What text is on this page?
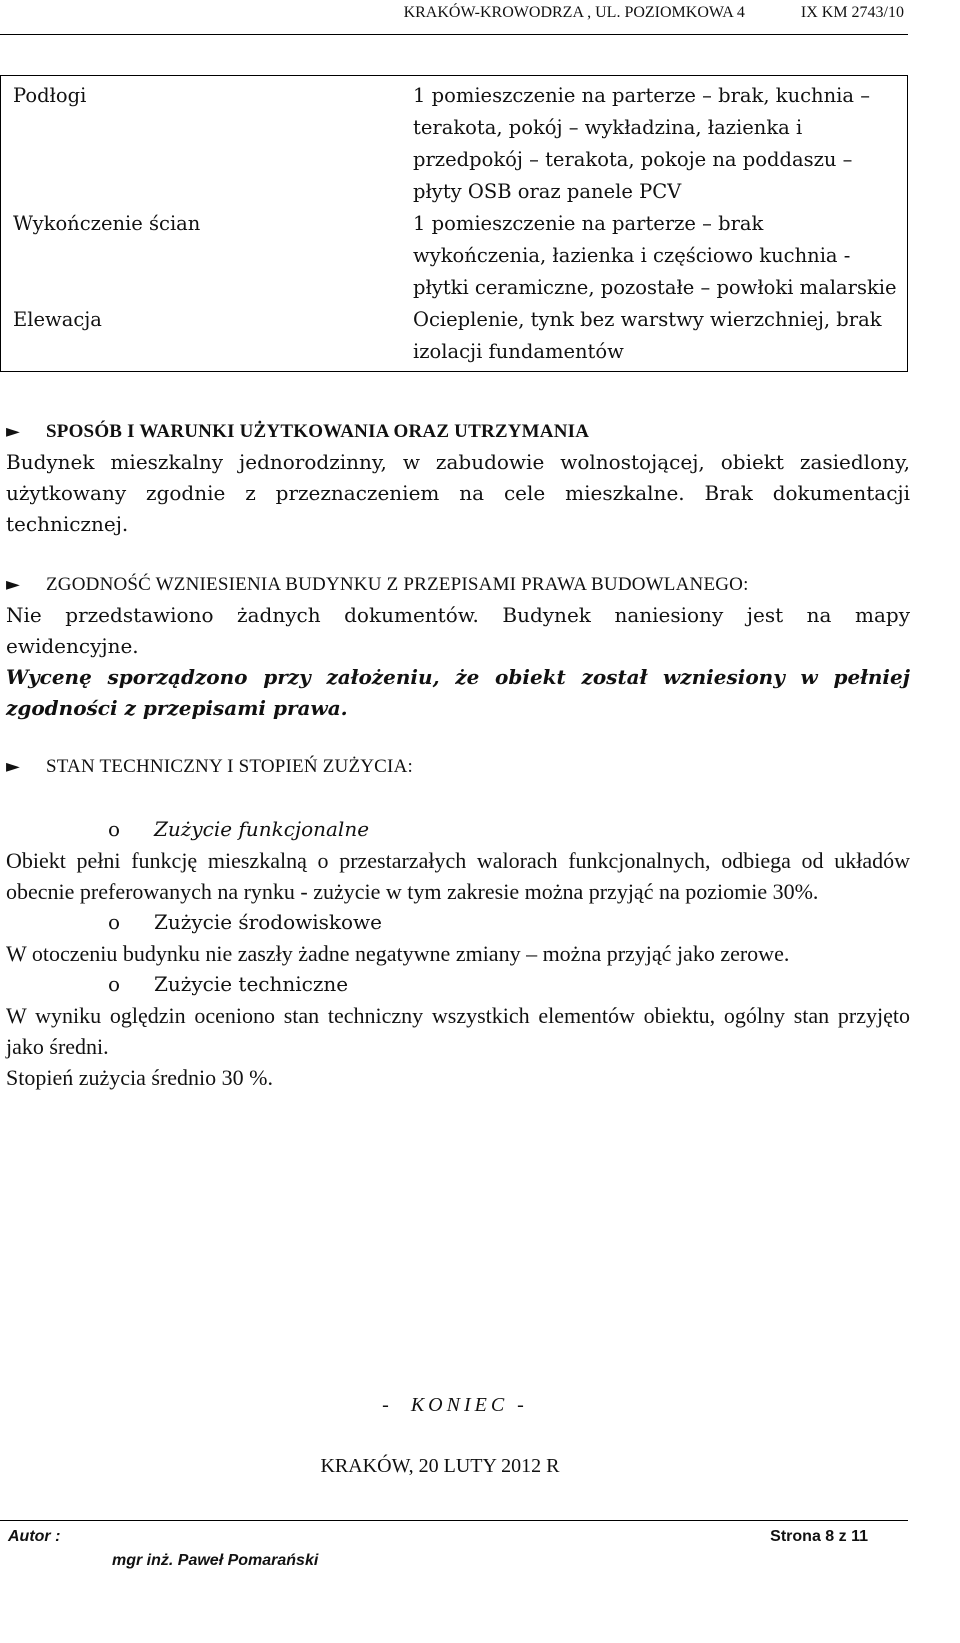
KRAKÓW-KROWODRZA , UL. POZIOMKOWA 4	IX KM 2743/10
Podłogi	1 pomieszczenie na parterze – brak, kuchnia – terakota, pokój – wykładzina, łazienka i przedpokój – terakota, pokoje na poddaszu – płyty OSB oraz panele PCV
Wykończenie ścian	1 pomieszczenie na parterze – brak wykończenia, łazienka i częściowo kuchnia - płytki ceramiczne, pozostałe – powłoki malarskie
Elewacja	Ocieplenie, tynk bez warstwy wierzchniej, brak izolacji fundamentów
► SPOSÓB I WARUNKI UŻYTKOWANIA ORAZ UTRZYMANIA

Budynek mieszkalny jednorodzinny, w zabudowie wolnostojącej, obiekt zasiedlony, użytkowany zgodnie z przeznaczeniem na cele mieszkalne. Brak dokumentacji technicznej.

► ZGODNOŚĆ WZNIESIENIA BUDYNKU Z PRZEPISAMI PRAWA BUDOWLANEGO:

Nie przedstawiono żadnych dokumentów. Budynek naniesiony jest na mapy ewidencyjne.

Wycenę sporządzono przy założeniu, że obiekt został wzniesiony w pełniej zgodności z przepisami prawa.

► STAN TECHNICZNY I STOPIEŃ ZUŻYCIA:
o Zużycie funkcjonalne

Obiekt pełni funkcję mieszkalną o przestarzałych walorach funkcjonalnych, odbiega od układów obecnie preferowanych na rynku - zużycie w tym zakresie można przyjąć na poziomie 30%.

o Zużycie środowiskowe

W otoczeniu budynku nie zaszły żadne negatywne zmiany – można przyjąć jako zerowe.

o Zużycie techniczne

W wyniku oględzin oceniono stan techniczny wszystkich elementów obiektu, ogólny stan przyjęto jako średni.

Stopień zużycia średnio 30 %.

- KONIEC -
KRAKÓW, 20 LUTY 2012 R
Autor :
mgr inż. Paweł Pomarański
Strona 8 z 11
